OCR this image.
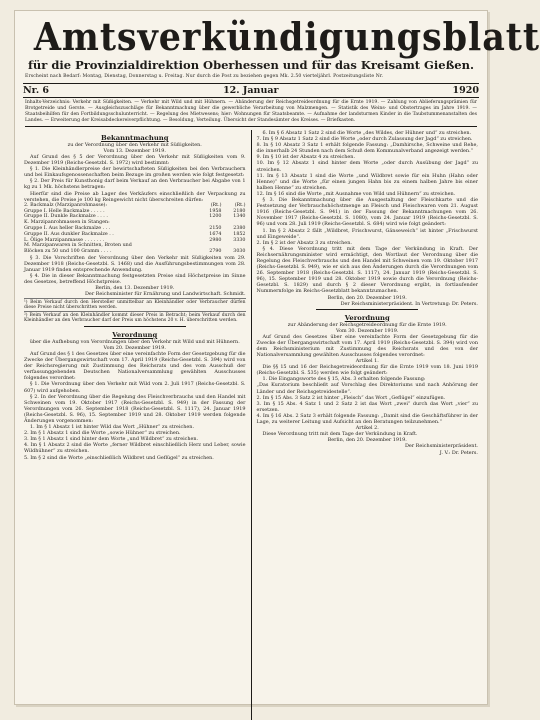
Amtsverkündigungsblatt
für die Provinzialdirektion Oberhessen und für das Kreisamt Gießen.
Erscheint nach Bedarf: Montag, Dienstag, Donnerstag u. Freitag. Nur durch die Post zu beziehen gegen Mk. 2.50 vierteljährl. Postzeitungsliste Nr.
Nr. 6	12. Januar	1920
Inhalts-Verzeichnis: Verkehr mit Süßigkeiten. — Verkehr mit Wild und mit Hühnern. — Abänderung der Reichsgetreideordnung für die Ernte 1919. — Zahlung von Ablieferungsprämien für Brotgetreide und Gerste. — Ausgleichszuschläge für Bekanntmachung über die gewerbliche Verarbeitung von Malzmengen. — Statistik des Weins- und Obstertrages im Jahre 1919. — Staatsbeihilfen für den Fortbildungsschulunterricht. — Regelung des Mietwesens; hier: Wohnungen für Staatsbeamte. — Aufnahme der landsturmen Kinder in die Taubstummenanstalten des Landes. — Erweiterung der Kreisabdeckereiverpflichtung. — Besoldung, Verteilung. Übersicht der Standesämter des Kreises. — Briefkasten.
Bekanntmachung
zu der Verordnung über den Verkehr mit Süßigkeiten.
Vom 13. Dezember 1919.

Auf Grund des § 5 der Verordnung über den Verkehr mit Süßigkeiten vom 9. Dezember 1919 (Reichs-Gesetzbl. S. 1972) wird bestimmt:

§ 1. Die Kleinhändlerpreise der bewirtschafteten Süßigkeiten bei den Verbrauchern und bei Einkaufsgenossenschaften beim Bezuge im großen werden wie folgt festgesetzt:

§ 2. Der Preis für Kunsthonig darf beim Verkauf an den Verbraucher bei Abgabe von 1 kg zu 1 Mk. höchstens betragen:

Hierfür sind die Preise ab Lager des Verkäufers einschließlich der Verpackung zu verstehen, die Preise je 100 kg Reingewicht nicht überschreiten dürfen:

2. Backmalz (Marzipanrohmasse):	(Rt.)	(Rt.)
Gruppe I. Helle Backmalze . . . . .	1958	2180
Gruppe II. Dunkle Backmalze . . . .	1200	1340
K. Marzipanrohmassen in Stangen:		
Gruppe I. Aus heller Backmalze . . .	2150	2380
Gruppe II. Aus dunkler Backmalze . .	1674	1852
L. Ölige Marzipanmasse . . . . . . .	2980	3330
M. Marzipanwaren in Schnitten, Broten und		
Blöcken zu 50 und 100 Gramm . . . .	2790	3030

§ 3. Die Vorschriften der Verordnung über den Verkehr mit Süßigkeiten vom 29. Dezember 1918 (Reichs-Gesetzbl. S. 1468) und die Ausführungsbestimmungen vom 28. Januar 1919 finden entsprechende Anwendung.

§ 4. Die in dieser Bekanntmachung festgesetzten Preise sind Höchstpreise im Sinne des Gesetzes, betreffend Höchstpreise.

Berlin, den 13. Dezember 1919.
Der Reichsminister für Ernährung und Landwirtschaft. Schmidt.

¹) Beim Verkauf durch den Hersteller unmittelbar an Kleinhändler oder Verbraucher dürfen diese Preise nicht überschritten werden.

²) Beim Verkauf an den Kleinhändler kommt dieser Preis in Betracht; beim Verkauf durch den Kleinhändler an den Verbraucher darf der Preis um höchstens 20 v. H. überschritten werden.

Verordnung
über die Aufhebung von Verordnungen über den Verkehr mit Wild und mit Hühnern. Vom 20. Dezember 1919.

Auf Grund des § 1 des Gesetzes über eine vereinfachte Form der Gesetzgebung für die Zwecke der Übergangswirtschaft vom 17. April 1919 (Reichs-Gesetzbl. S. 394) wird von der Reichsregierung mit Zustimmung des Reichsrats und des vom Ausschuß der verfassunggebenden Deutschen Nationalversammlung gewählten Ausschusses folgendes verordnet:

§ 1. Die Verordnung über den Verkehr mit Wild vom 2. Juli 1917 (Reichs-Gesetzbl. S. 607) wird aufgehoben.

§ 2. In der Verordnung über die Regelung des Fleischverbrauchs und den Handel mit Schweinen vom 19. Oktober 1917 (Reichs-Gesetzbl. S. 949) in der Fassung der Verordnungen vom 26. September 1918 (Reichs-Gesetzbl. S. 1117), 24. Januar 1919 (Reichs-Gesetzbl. S. 96), 15. September 1919 und 28. Oktober 1919 werden folgende Änderungen vorgenommen:

1. Im § 1 Absatz 1 ist hinter Wild das Wort „Hühner“ zu streichen.
2. Im § 1 Absatz 1 sind die Worte „sowie Hühner“ zu streichen.
3. Im § 1 Absatz 1 sind hinter dem Worte „und Wildbret“ zu streichen.
4. Im § 1 Absatz 2 sind die Worte „ferner Wildbret einschließlich Herz und Leber, sowie Wildhühner“ zu streichen.
5. Im § 2 sind die Worte „einschließlich Wildbret und Geflügel“ zu streichen.

6. Im § 6 Absatz 1 Satz 2 sind die Worte „des Wildes, der Hühner und“ zu streichen.
7. Im § 9 Absatz 1 Satz 2 sind die Worte „oder durch Zulassung der Jagd“ zu streichen.
8. In § 10 Absatz 3 Satz 1 erhält folgende Fassung: „Damhirsche, Schweine und Rehe, die innerhalb 24 Stunden nach dem Schuß dem Kommunalverband angezeigt werden.“
9. Im § 10 ist der Absatz 4 zu streichen.
10. Im § 12 Absatz 1 sind hinter dem Worte „oder durch Ausübung der Jagd“ zu streichen.
11. Im § 13 Absatz 1 sind die Worte „und Wildbret sowie für ein Huhn (Hahn oder Henne)“ und die Worte „für einen jungen Hahn bis zu einem halben Jahre bis einer halben Henne“ zu streichen.
12. Im § 16 sind die Worte „mit Ausnahme von Wild und Hühnern“ zu streichen.

§ 3. Die Bekanntmachung über die Ausgestaltung der Fleischkarte und die Festsetzung der Verbrauchshöchstmenge an Fleisch und Fleischwaren vom 21. August 1916 (Reichs-Gesetzbl. S. 941) in der Fassung der Bekanntmachungen vom 26. November 1917 (Reichs-Gesetzbl. S. 1080), vom 24. Januar 1919 (Reichs-Gesetzbl. S. 96) und vom 28. Juli 1919 (Reichs-Gesetzbl. S. 684) wird wie folgt geändert:

1. Im § 2 Absatz 2 fällt „Wildbret, Frischwurst, Gänseweich“ ist hinter „Frischwurst und Eingeweide“.
2. Im § 2 ist der Absatz 3 zu streichen.

§ 4. Diese Verordnung tritt mit dem Tage der Verkündung in Kraft. Der Reichsernährungsminister wird ermächtigt, den Wortlaut der Verordnung über die Regelung des Fleischverbrauchs und den Handel mit Schweinen vom 19. Oktober 1917 (Reichs-Gesetzbl. S. 949), wie er sich aus den Änderungen durch die Verordnungen vom 26. September 1918 (Reichs-Gesetzbl. S. 1117), 24. Januar 1919 (Reichs-Gesetzbl. S. 96), 15. September 1919 und 28. Oktober 1919 sowie durch die Verordnung (Reichs-Gesetzbl. S. 1829) und durch § 2 dieser Verordnung ergibt, in fortlaufender Nummernfolge im Reichs-Gesetzblatt bekanntzumachen.

Berlin, den 20. Dezember 1919.
Der Reichsministerpräsident. In Vertretung: Dr. Peters.
Verordnung
zur Abänderung der Reichsgetreideordnung für die Ernte 1919.
Vom 30. Dezember 1919.

Auf Grund des Gesetzes über eine vereinfachte Form der Gesetzgebung für die Zwecke der Übergangswirtschaft vom 17. April 1919 (Reichs-Gesetzbl. S. 394) wird von dem Reichsministerium mit Zustimmung des Reichsrats und des von der Nationalversammlung gewählten Ausschusses folgendes verordnet:

Artikel 1.

Die §§ 15 und 16 der Reichsgetreideordnung für die Ernte 1919 vom 18. Juni 1919 (Reichs-Gesetzbl. S. 535) werden wie folgt geändert:

1. Die Eingangsworte des § 15, Abs. 3 erhalten folgende Fassung:
„Das Kuratorium beschließt auf Vorschlag des Direktoriums und nach Anhörung der Länder und der Reichsgetreidestelle“.
2. Im § 15 Abs. 3 Satz 2 ist hinter „Fleisch“ das Wort „Geflügel“ einzufügen.
3. Im § 15 Abs. 4 Satz 1 und 2 Satz 2 ist das Wort „zwei“ durch das Wort „vier“ zu ersetzen.
4. Im § 16 Abs. 2 Satz 3 erhält folgende Fassung: „Damit sind die Geschäftsführer in der Lage, zu weiterer Leitung und Aufsicht an den Beratungen teilzunehmen.“

Artikel 2.

Diese Verordnung tritt mit dem Tage der Verkündung in Kraft.

Berlin, den 20. Dezember 1919.
Der Reichsministerpräsident.
J. V.: Dr. Peters.
